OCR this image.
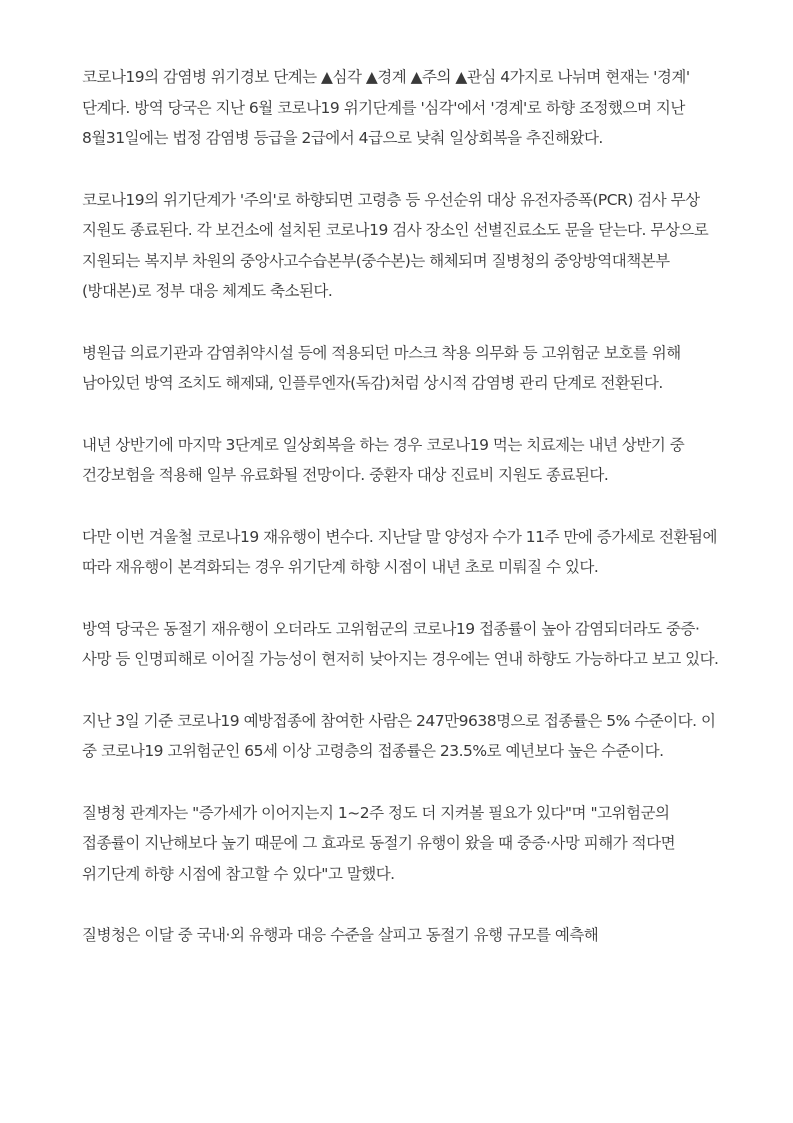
코로나19의 감염병 위기경보 단계는 ▲심각 ▲경계 ▲주의 ▲관심 4가지로 나뉘며 현재는 '경계' 단계다. 방역 당국은 지난 6월 코로나19 위기단계를 '심각'에서 '경계'로 하향 조정했으며 지난 8월31일에는 법정 감염병 등급을 2급에서 4급으로 낮춰 일상회복을 추진해왔다.

코로나19의 위기단계가 '주의'로 하향되면 고령층 등 우선순위 대상 유전자증폭(PCR) 검사 무상 지원도 종료된다. 각 보건소에 설치된 코로나19 검사 장소인 선별진료소도 문을 닫는다. 무상으로 지원되는 복지부 차원의 중앙사고수습본부(중수본)는 해체되며 질병청의 중앙방역대책본부(방대본)로 정부 대응 체계도 축소된다.

병원급 의료기관과 감염취약시설 등에 적용되던 마스크 착용 의무화 등 고위험군 보호를 위해 남아있던 방역 조치도 해제돼, 인플루엔자(독감)처럼 상시적 감염병 관리 단계로 전환된다.

내년 상반기에 마지막 3단계로 일상회복을 하는 경우 코로나19 먹는 치료제는 내년 상반기 중 건강보험을 적용해 일부 유료화될 전망이다. 중환자 대상 진료비 지원도 종료된다.

다만 이번 겨울철 코로나19 재유행이 변수다. 지난달 말 양성자 수가 11주 만에 증가세로 전환됨에 따라 재유행이 본격화되는 경우 위기단계 하향 시점이 내년 초로 미뤄질 수 있다.

방역 당국은 동절기 재유행이 오더라도 고위험군의 코로나19 접종률이 높아 감염되더라도 중증·사망 등 인명피해로 이어질 가능성이 현저히 낮아지는 경우에는 연내 하향도 가능하다고 보고 있다.

지난 3일 기준 코로나19 예방접종에 참여한 사람은 247만9638명으로 접종률은 5% 수준이다. 이 중 코로나19 고위험군인 65세 이상 고령층의 접종률은 23.5%로 예년보다 높은 수준이다.

질병청 관계자는 "증가세가 이어지는지 1~2주 정도 더 지켜볼 필요가 있다"며 "고위험군의 접종률이 지난해보다 높기 때문에 그 효과로 동절기 유행이 왔을 때 중증·사망 피해가 적다면 위기단계 하향 시점에 참고할 수 있다"고 말했다.

질병청은 이달 중 국내·외 유행과 대응 수준을 살피고 동절기 유행 규모를 예측해
